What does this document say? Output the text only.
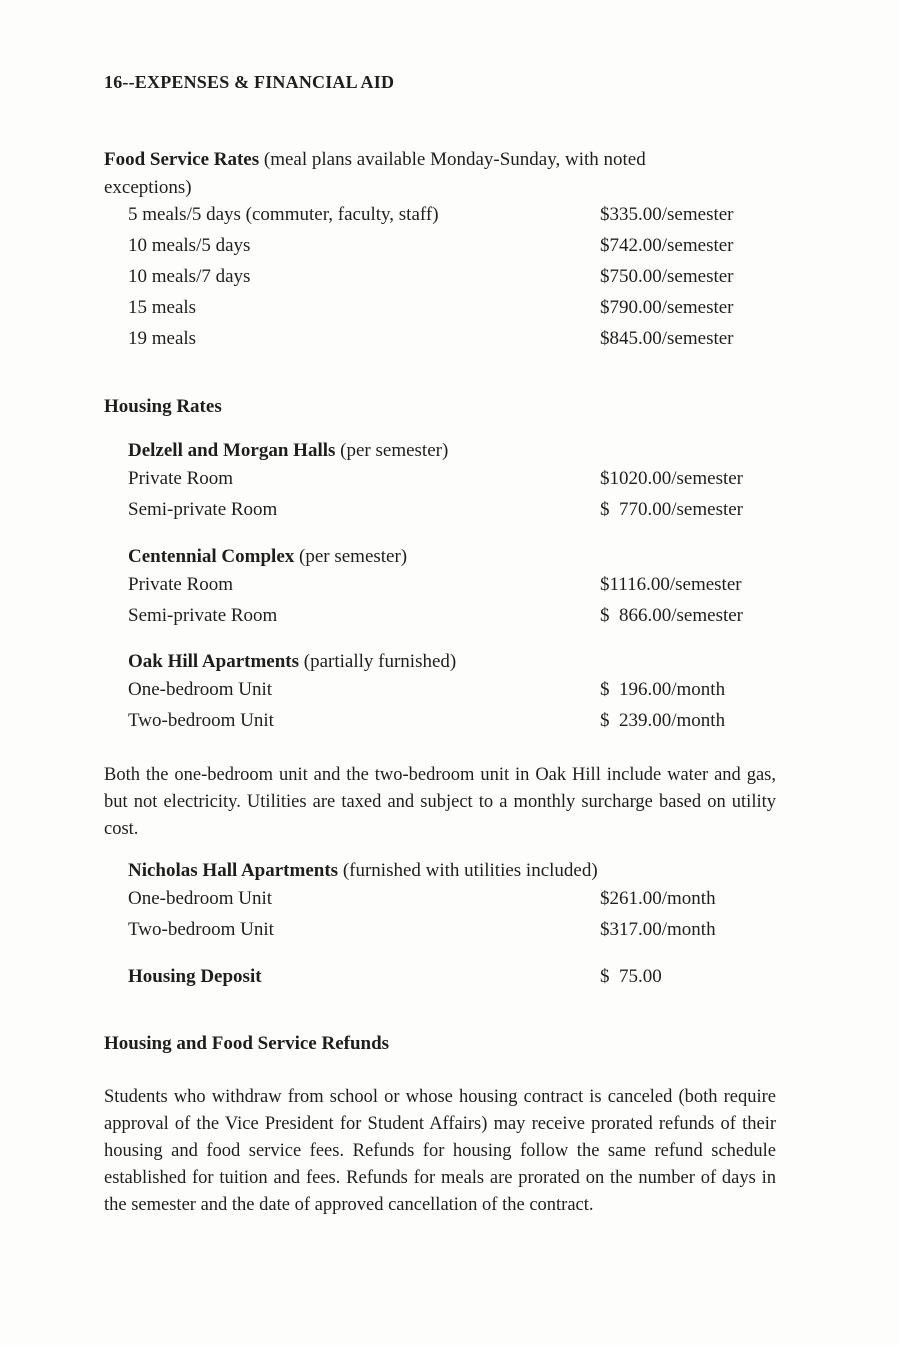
16--EXPENSES & FINANCIAL AID
Food Service Rates (meal plans available Monday-Sunday, with noted exceptions)
5 meals/5 days (commuter, faculty, staff)	$335.00/semester
10 meals/5 days	$742.00/semester
10 meals/7 days	$750.00/semester
15 meals	$790.00/semester
19 meals	$845.00/semester
Housing Rates
Delzell and Morgan Halls (per semester)
Private Room	$1020.00/semester
Semi-private Room	$  770.00/semester
Centennial Complex (per semester)
Private Room	$1116.00/semester
Semi-private Room	$  866.00/semester
Oak Hill Apartments (partially furnished)
One-bedroom Unit	$  196.00/month
Two-bedroom Unit	$  239.00/month
Both the one-bedroom unit and the two-bedroom unit in Oak Hill include water and gas, but not electricity. Utilities are taxed and subject to a monthly surcharge based on utility cost.
Nicholas Hall Apartments (furnished with utilities included)
One-bedroom Unit	$261.00/month
Two-bedroom Unit	$317.00/month
Housing Deposit	$  75.00
Housing and Food Service Refunds
Students who withdraw from school or whose housing contract is canceled (both require approval of the Vice President for Student Affairs) may receive prorated refunds of their housing and food service fees. Refunds for housing follow the same refund schedule established for tuition and fees. Refunds for meals are prorated on the number of days in the semester and the date of approved cancellation of the contract.
